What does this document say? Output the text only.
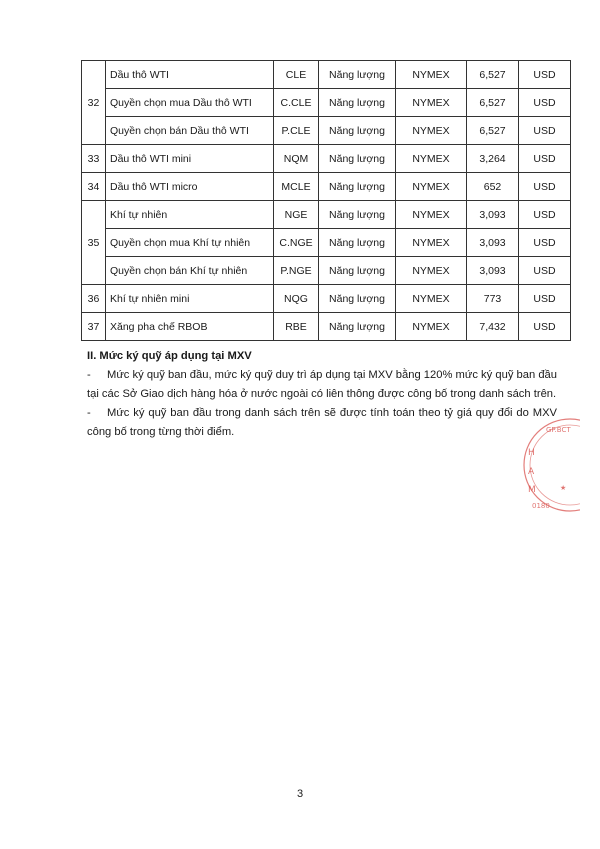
32	Dầu thô WTI	CLE	Năng lượng	NYMEX	6,527	USD
	Quyền chọn mua Dầu thô WTI	C.CLE	Năng lượng	NYMEX	6,527	USD
	Quyền chọn bán Dầu thô WTI	P.CLE	Năng lượng	NYMEX	6,527	USD
33	Dầu thô WTI mini	NQM	Năng lượng	NYMEX	3,264	USD
34	Dầu thô WTI micro	MCLE	Năng lượng	NYMEX	652	USD
35	Khí tự nhiên	NGE	Năng lượng	NYMEX	3,093	USD
	Quyền chọn mua Khí tự nhiên	C.NGE	Năng lượng	NYMEX	3,093	USD
	Quyền chọn bán Khí tự nhiên	P.NGE	Năng lượng	NYMEX	3,093	USD
36	Khí tự nhiên mini	NQG	Năng lượng	NYMEX	773	USD
37	Xăng pha chế RBOB	RBE	Năng lượng	NYMEX	7,432	USD
II. Mức ký quỹ áp dụng tại MXV

- Mức ký quỹ ban đầu, mức ký quỹ duy trì áp dụng tại MXV bằng 120% mức ký quỹ ban đầu tại các Sở Giao dịch hàng hóa ở nước ngoài có liên thông được công bố trong danh sách trên.

- Mức ký quỹ ban đầu trong danh sách trên sẽ được tính toán theo tỷ giá quy đổi do MXV công bố trong từng thời điểm.

H
A
M
GP.BCT
0180
★
3
